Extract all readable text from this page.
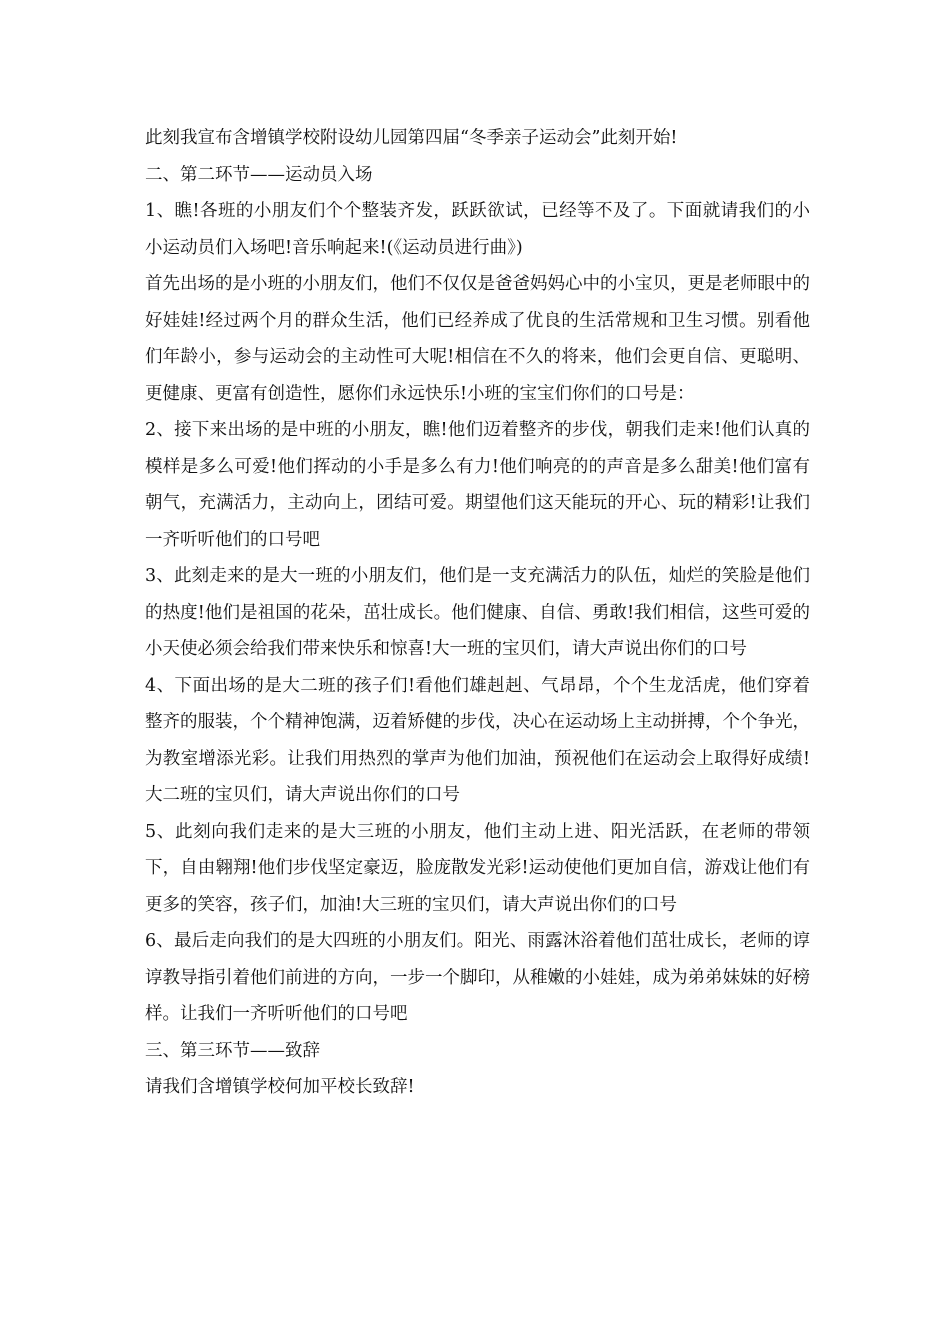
此刻我宣布含增镇学校附设幼儿园第四届“冬季亲子运动会”此刻开始!

二、第二环节——运动员入场

1、瞧!各班的小朋友们个个整装齐发，跃跃欲试，已经等不及了。下面就请我们的小小运动员们入场吧!音乐响起来!(《运动员进行曲》)

首先出场的是小班的小朋友们，他们不仅仅是爸爸妈妈心中的小宝贝，更是老师眼中的好娃娃!经过两个月的群众生活，他们已经养成了优良的生活常规和卫生习惯。别看他们年龄小，参与运动会的主动性可大呢!相信在不久的将来，他们会更自信、更聪明、更健康、更富有创造性，愿你们永远快乐!小班的宝宝们你们的口号是：

2、接下来出场的是中班的小朋友，瞧!他们迈着整齐的步伐，朝我们走来!他们认真的模样是多么可爱!他们挥动的小手是多么有力!他们响亮的的声音是多么甜美!他们富有朝气，充满活力，主动向上，团结可爱。期望他们这天能玩的开心、玩的精彩!让我们一齐听听他们的口号吧

3、此刻走来的是大一班的小朋友们，他们是一支充满活力的队伍，灿烂的笑脸是他们的热度!他们是祖国的花朵，茁壮成长。他们健康、自信、勇敢!我们相信，这些可爱的小天使必须会给我们带来快乐和惊喜!大一班的宝贝们，请大声说出你们的口号

4、下面出场的是大二班的孩子们!看他们雄赳赳、气昂昂，个个生龙活虎，他们穿着整齐的服装，个个精神饱满，迈着矫健的步伐，决心在运动场上主动拼搏，个个争光，为教室增添光彩。让我们用热烈的掌声为他们加油，预祝他们在运动会上取得好成绩!大二班的宝贝们，请大声说出你们的口号

5、此刻向我们走来的是大三班的小朋友，他们主动上进、阳光活跃，在老师的带领下，自由翱翔!他们步伐坚定豪迈，脸庞散发光彩!运动使他们更加自信，游戏让他们有更多的笑容，孩子们，加油!大三班的宝贝们，请大声说出你们的口号

6、最后走向我们的是大四班的小朋友们。阳光、雨露沐浴着他们茁壮成长，老师的谆谆教导指引着他们前进的方向，一步一个脚印，从稚嫩的小娃娃，成为弟弟妹妹的好榜样。让我们一齐听听他们的口号吧

三、第三环节——致辞

请我们含增镇学校何加平校长致辞!
